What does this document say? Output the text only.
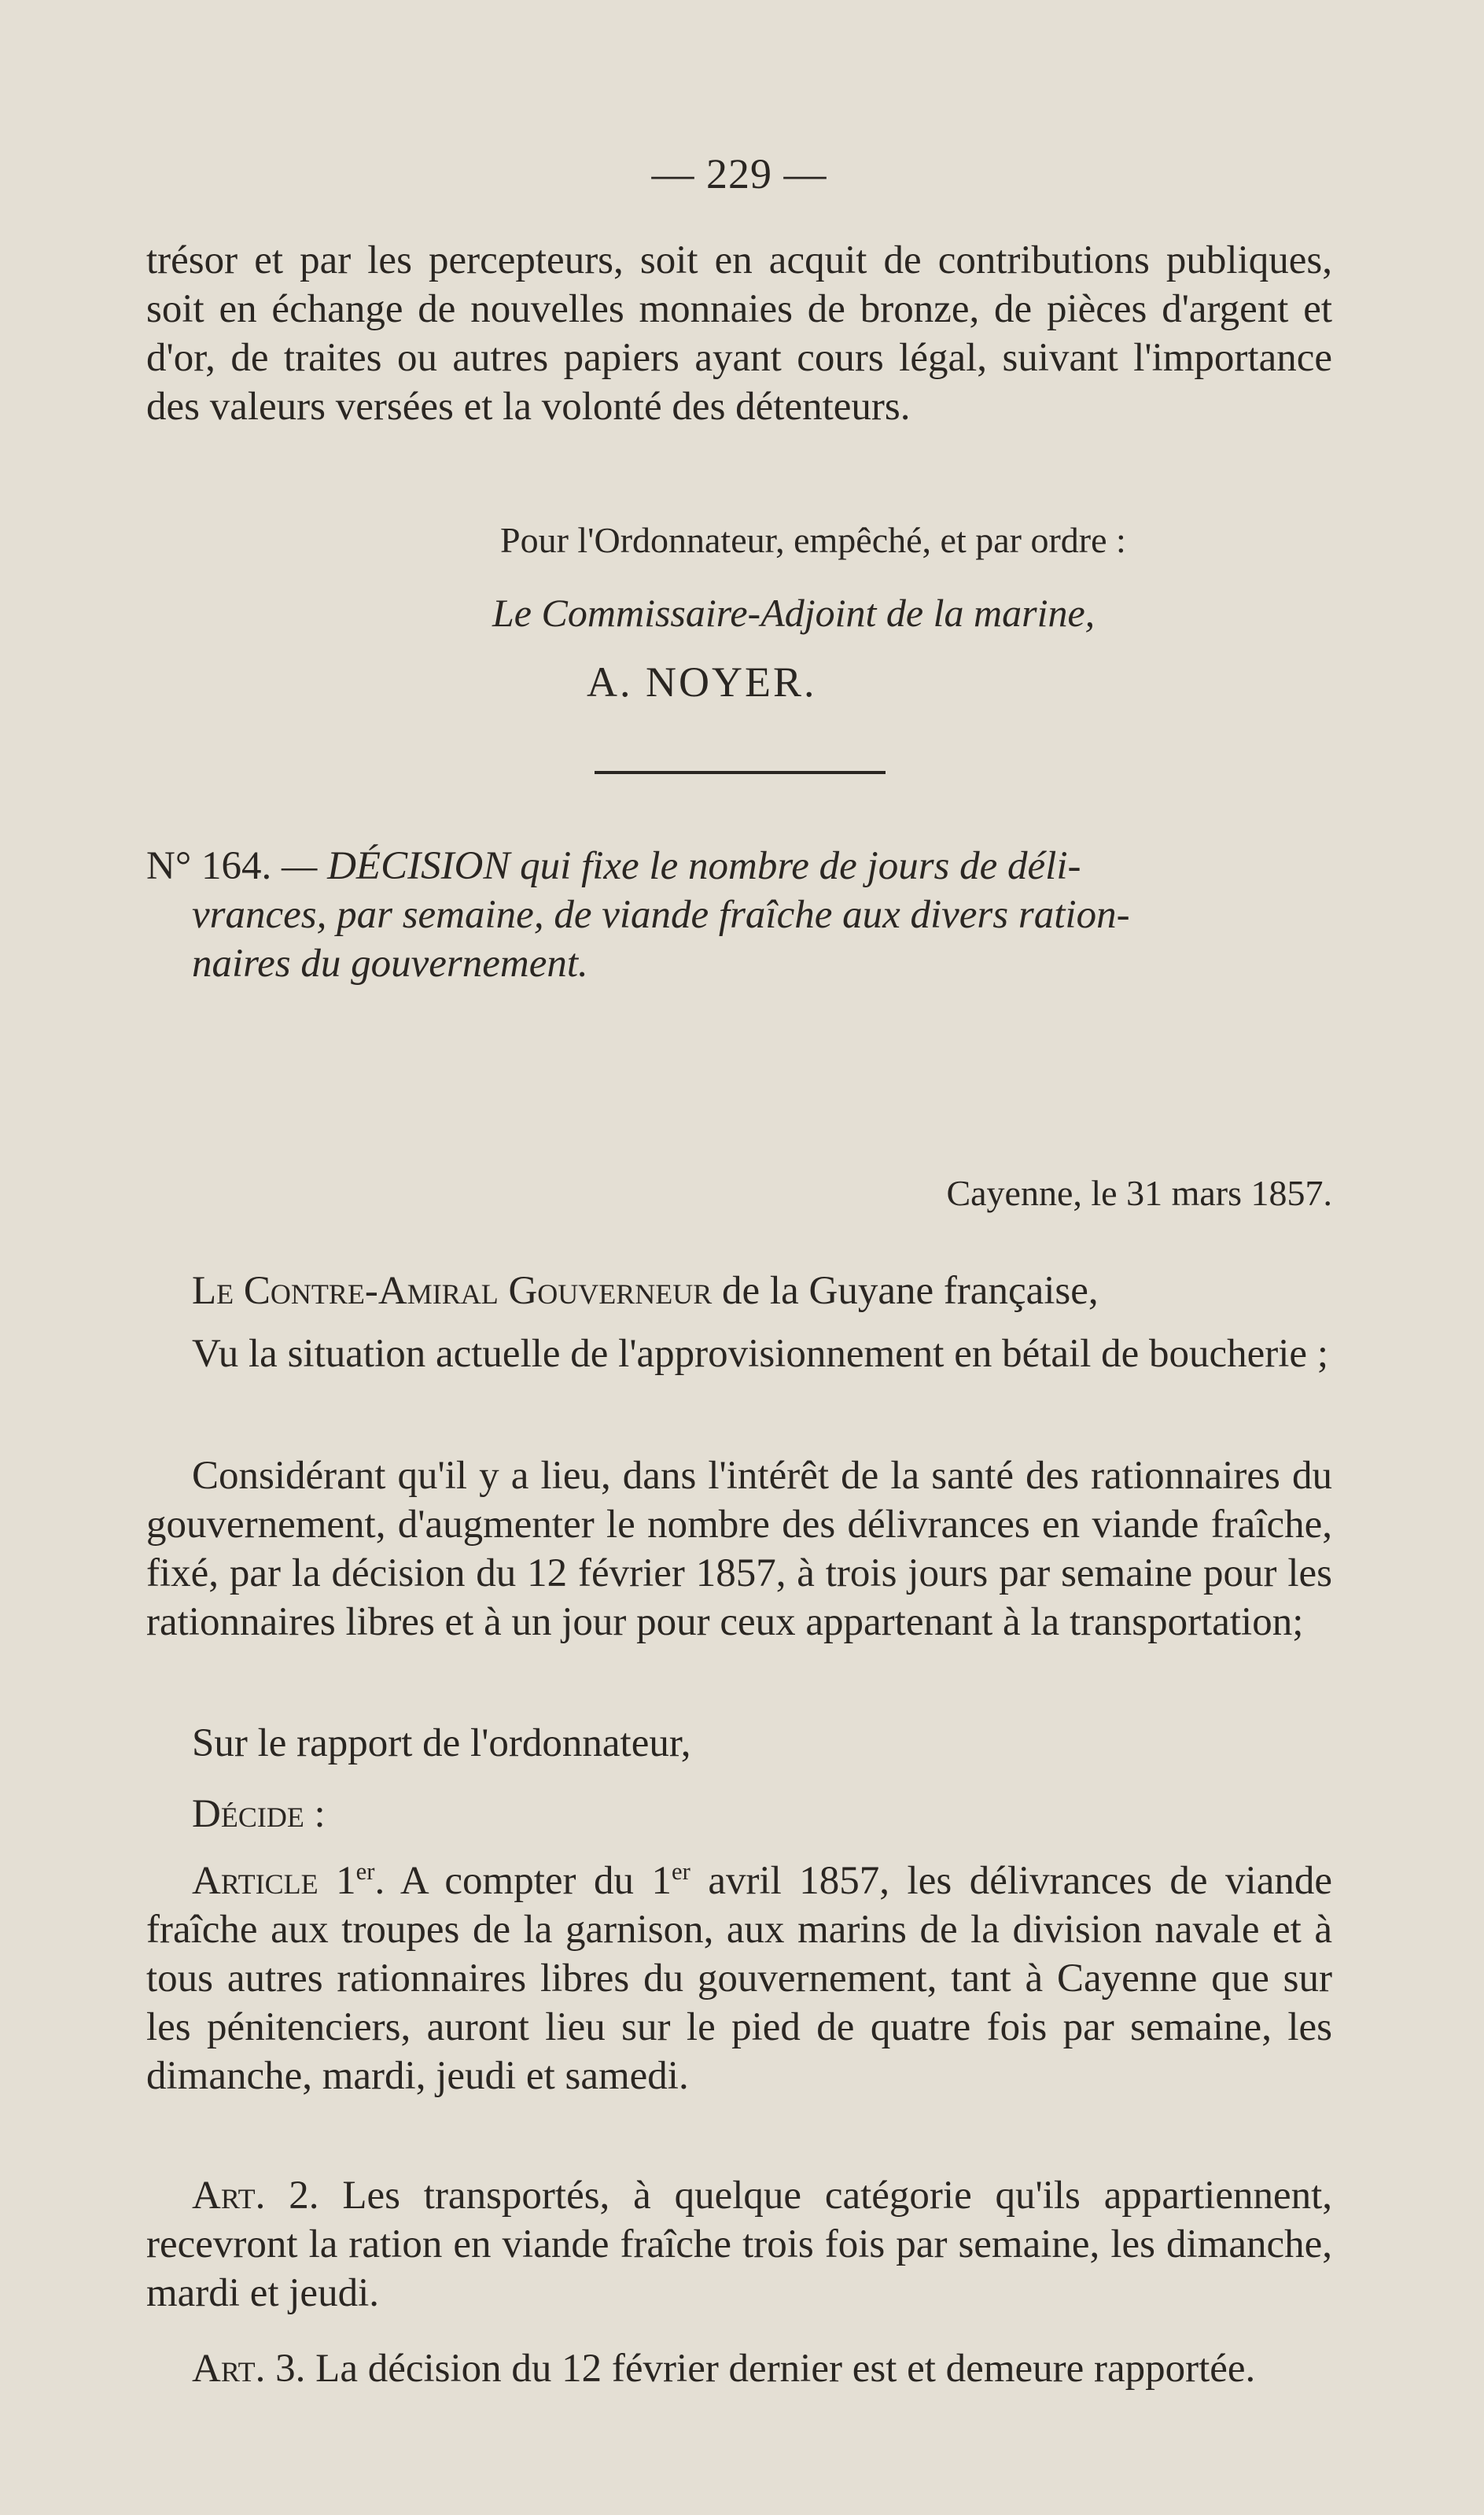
— 229 —

trésor et par les percepteurs, soit en acquit de contributions publiques, soit en échange de nouvelles monnaies de bronze, de pièces d'argent et d'or, de traites ou autres papiers ayant cours légal, suivant l'importance des valeurs versées et la volonté des détenteurs.

Pour l'Ordonnateur, empêché, et par ordre :
Le Commissaire-Adjoint de la marine,
A. NOYER.
N° 164. — DÉCISION qui fixe le nombre de jours de déli-
vrances, par semaine, de viande fraîche aux divers ration-
naires du gouvernement.
Cayenne, le 31 mars 1857.

Le Contre-Amiral Gouverneur de la Guyane française,

Vu la situation actuelle de l'approvisionnement en bétail de boucherie ;

Considérant qu'il y a lieu, dans l'intérêt de la santé des rationnaires du gouvernement, d'augmenter le nombre des délivrances en viande fraîche, fixé, par la décision du 12 février 1857, à trois jours par semaine pour les rationnaires libres et à un jour pour ceux appartenant à la transportation;

Sur le rapport de l'ordonnateur,

Décide :

Article 1er. A compter du 1er avril 1857, les délivrances de viande fraîche aux troupes de la garnison, aux marins de la division navale et à tous autres rationnaires libres du gouvernement, tant à Cayenne que sur les pénitenciers, auront lieu sur le pied de quatre fois par semaine, les dimanche, mardi, jeudi et samedi.

Art. 2. Les transportés, à quelque catégorie qu'ils appartiennent, recevront la ration en viande fraîche trois fois par semaine, les dimanche, mardi et jeudi.

Art. 3. La décision du 12 février dernier est et demeure rapportée.
